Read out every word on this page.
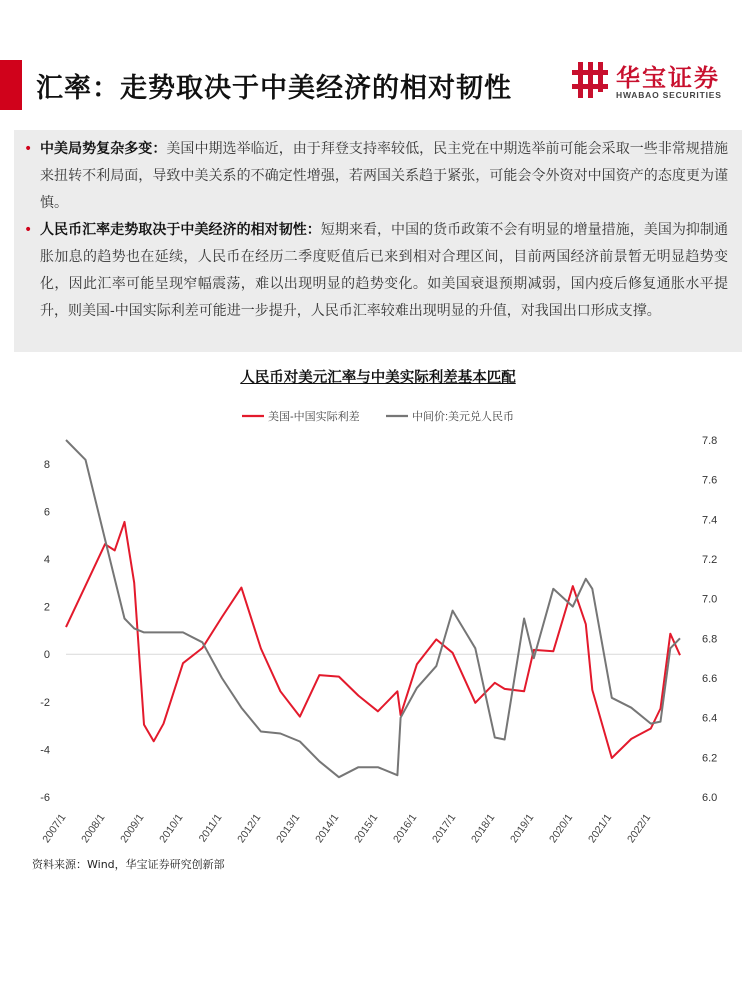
汇率：走势取决于中美经济的相对韧性	华宝证券
HWABAO SECURITIES
• 中美局势复杂多变：美国中期选举临近，由于拜登支持率较低，民主党在中期选举前可能会采取一些非常规措施来扭转不利局面，导致中美关系的不确定性增强，若两国关系趋于紧张，可能会令外资对中国资产的态度更为谨慎。
• 人民币汇率走势取决于中美经济的相对韧性：短期来看，中国的货币政策不会有明显的增量措施，美国为抑制通胀加息的趋势也在延续，人民币在经历二季度贬值后已来到相对合理区间，目前两国经济前景暂无明显趋势变化，因此汇率可能呈现窄幅震荡，难以出现明显的趋势变化。如美国衰退预期减弱，国内疫后修复通胀水平提升，则美国-中国实际利差可能进一步提升，人民币汇率较难出现明显的升值，对我国出口形成支撑。
人民币对美元汇率与中美实际利差基本匹配
美国-中国实际利差	中间价:美元兑人民币
-6
-4
-2
0
2
4
6
8
6.0
6.2
6.4
6.6
6.8
7.0
7.2
7.4
7.6
7.8
2007/1 2008/1 2009/1 2010/1 2011/1 2012/1 2013/1 2014/1 2015/1 2016/1 2017/1 2018/1 2019/1 2020/1 2021/1 2022/1
资料来源：Wind，华宝证券研究创新部
